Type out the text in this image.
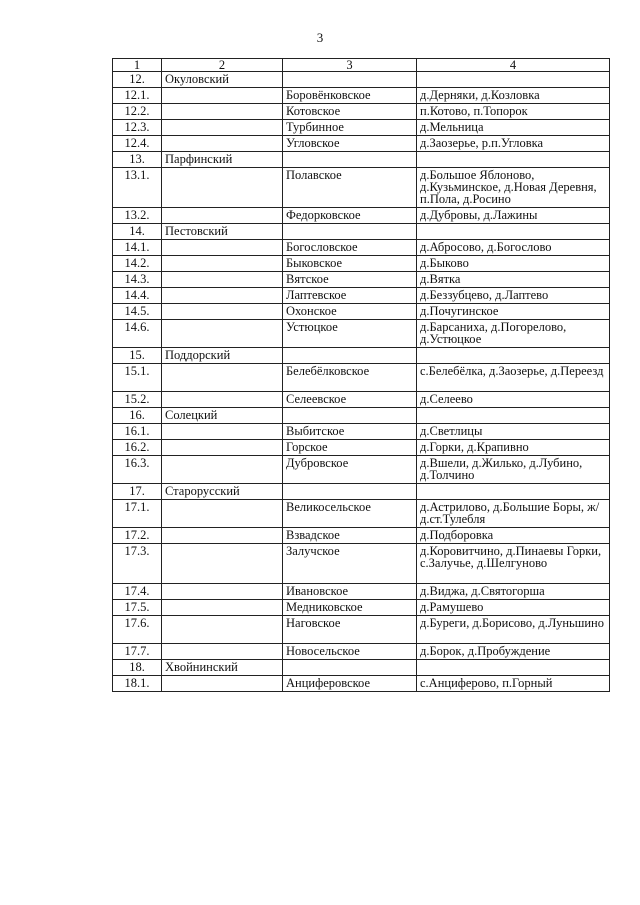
3
1	2	3	4
12.	Окуловский		
12.1.		Боровёнковское	д.Дерняки, д.Козловка
12.2.		Котовское	п.Котово, п.Топорок
12.3.		Турбинное	д.Мельница
12.4.		Угловское	д.Заозерье, р.п.Угловка
13.	Парфинский		
13.1.		Полавское	д.Большое Яблоново, д.Кузьминское, д.Новая Деревня, п.Пола, д.Росино
13.2.		Федорковское	д.Дубровы, д.Лажины
14.	Пестовский		
14.1.		Богословское	д.Абросово, д.Богослово
14.2.		Быковское	д.Быково
14.3.		Вятское	д.Вятка
14.4.		Лаптевское	д.Беззубцево, д.Лаптево
14.5.		Охонское	д.Почугинское
14.6.		Устюцкое	д.Барсаниха, д.Погорелово, д.Устюцкое
15.	Поддорский		
15.1.		Белебёлковское	с.Белебёлка, д.Заозерье, д.Переезд
15.2.		Селеевское	д.Селеево
16.	Солецкий		
16.1.		Выбитское	д.Светлицы
16.2.		Горское	д.Горки, д.Крапивно
16.3.		Дубровское	д.Вшели, д.Жилько, д.Лубино, д.Толчино
17.	Старорусский		
17.1.		Великосельское	д.Астрилово, д.Большие Боры, ж/д.ст.Тулебля
17.2.		Взвадское	д.Подборовка
17.3.		Залучское	д.Коровитчино, д.Пинаевы Горки, с.Залучье, д.Шелгуново
17.4.		Ивановское	д.Виджа, д.Святогорша
17.5.		Медниковское	д.Рамушево
17.6.		Наговское	д.Буреги, д.Борисово, д.Луньшино
17.7.		Новосельское	д.Борок, д.Пробуждение
18.	Хвойнинский		
18.1.		Анциферовское	с.Анциферово, п.Горный
